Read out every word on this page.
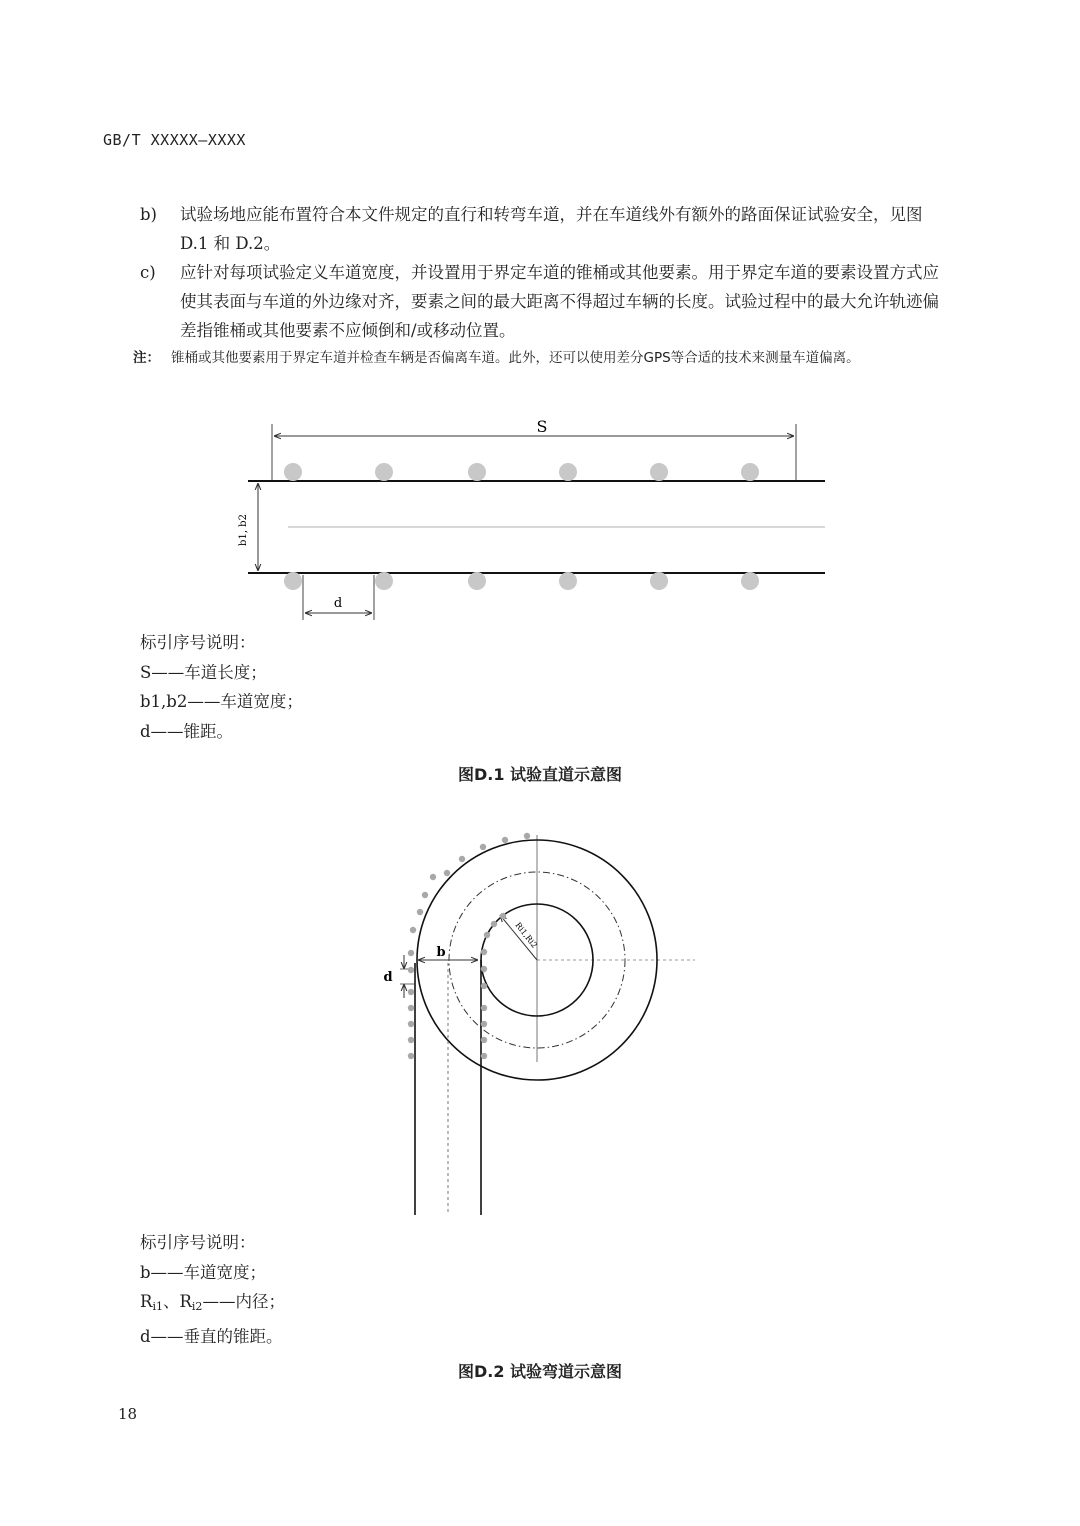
GB/T XXXXX—XXXX
b)	试验场地应能布置符合本文件规定的直行和转弯车道，并在车道线外有额外的路面保证试验安全，见图 D.1 和 D.2。
c)	应针对每项试验定义车道宽度，并设置用于界定车道的锥桶或其他要素。用于界定车道的要素设置方式应使其表面与车道的外边缘对齐，要素之间的最大距离不得超过车辆的长度。试验过程中的最大允许轨迹偏差指锥桶或其他要素不应倾倒和/或移动位置。
注： 锥桶或其他要素用于界定车道并检查车辆是否偏离车道。此外，还可以使用差分GPS等合适的技术来测量车道偏离。
S
b1, b2
d
b
Ri1,Ri2
d
标引序号说明：
S——车道长度；
b1,b2——车道宽度；
d——锥距。
图D.1 试验直道示意图
标引序号说明：
b——车道宽度；
$R_{i1}$、$R_{i2}——$内径；
d——垂直的锥距。
图D.2 试验弯道示意图
18
